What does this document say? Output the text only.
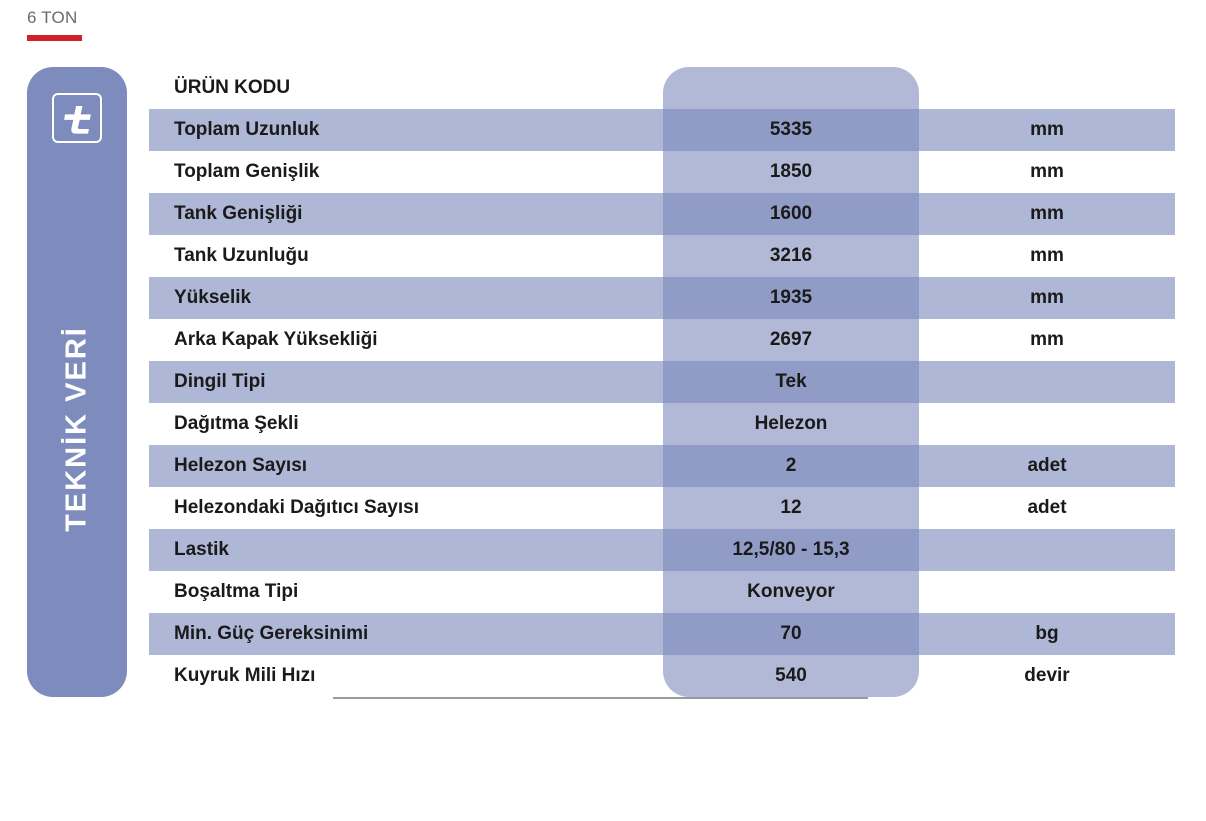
6 TON
TEKNİK VERİ
ÜRÜN KODU
Toplam Uzunluk	5335	mm
Toplam Genişlik	1850	mm
Tank Genişliği	1600	mm
Tank Uzunluğu	3216	mm
Yükselik	1935	mm
Arka Kapak Yüksekliği	2697	mm
Dingil Tipi	Tek
Dağıtma Şekli	Helezon
Helezon Sayısı	2	adet
Helezondaki Dağıtıcı Sayısı	12	adet
Lastik	12,5/80 - 15,3
Boşaltma Tipi	Konveyor
Min. Güç Gereksinimi	70	bg
Kuyruk Mili Hızı	540	devir
